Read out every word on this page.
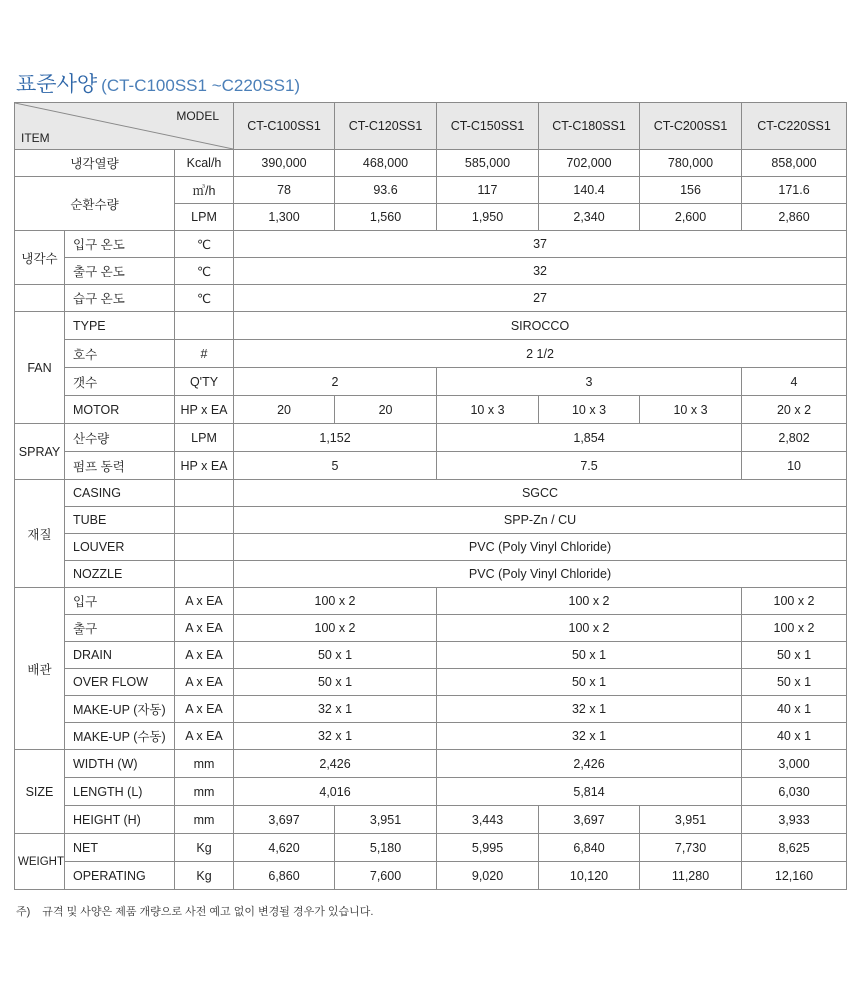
표준사양 (CT-C100SS1 ~C220SS1)
MODEL
ITEM			CT-C100SS1	CT-C120SS1	CT-C150SS1	CT-C180SS1	CT-C200SS1	CT-C220SS1
냉각열량		Kcal/h	390,000	468,000	585,000	702,000	780,000	858,000
순환수량		㎥/h	78	93.6	117	140.4	156	171.6
		LPM	1,300	1,560	1,950	2,340	2,600	2,860
냉각수	입구 온도	℃	37					
	출구 온도	℃	32					
	습구 온도	℃	27					
FAN	TYPE		SIROCCO					
	호수	#	2 1/2					
	갯수	Q'TY	2		3			4
	MOTOR	HP x EA	20	20	10 x 3	10 x 3	10 x 3	20 x 2
SPRAY	산수량	LPM	1,152		1,854			2,802
	펌프 동력	HP x EA	5		7.5			10
재질	CASING		SGCC					
	TUBE		SPP-Zn / CU					
	LOUVER		PVC (Poly Vinyl Chloride)					
	NOZZLE		PVC (Poly Vinyl Chloride)					
배관	입구	A x EA	100 x 2		100 x 2			100 x 2
	출구	A x EA	100 x 2		100 x 2			100 x 2
	DRAIN	A x EA	50 x 1		50 x 1			50 x 1
	OVER FLOW	A x EA	50 x 1		50 x 1			50 x 1
	MAKE-UP (자동)	A x EA	32 x 1		32 x 1			40 x 1
	MAKE-UP (수동)	A x EA	32 x 1		32 x 1			40 x 1
SIZE	WIDTH (W)	mm	2,426		2,426			3,000
	LENGTH (L)	mm	4,016		5,814			6,030
	HEIGHT (H)	mm	3,697	3,951	3,443	3,697	3,951	3,933
WEIGHT	NET	Kg	4,620	5,180	5,995	6,840	7,730	8,625
	OPERATING	Kg	6,860	7,600	9,020	10,120	11,280	12,160
주) 규격 및 사양은 제품 개량으로 사전 예고 없이 변경될 경우가 있습니다.
